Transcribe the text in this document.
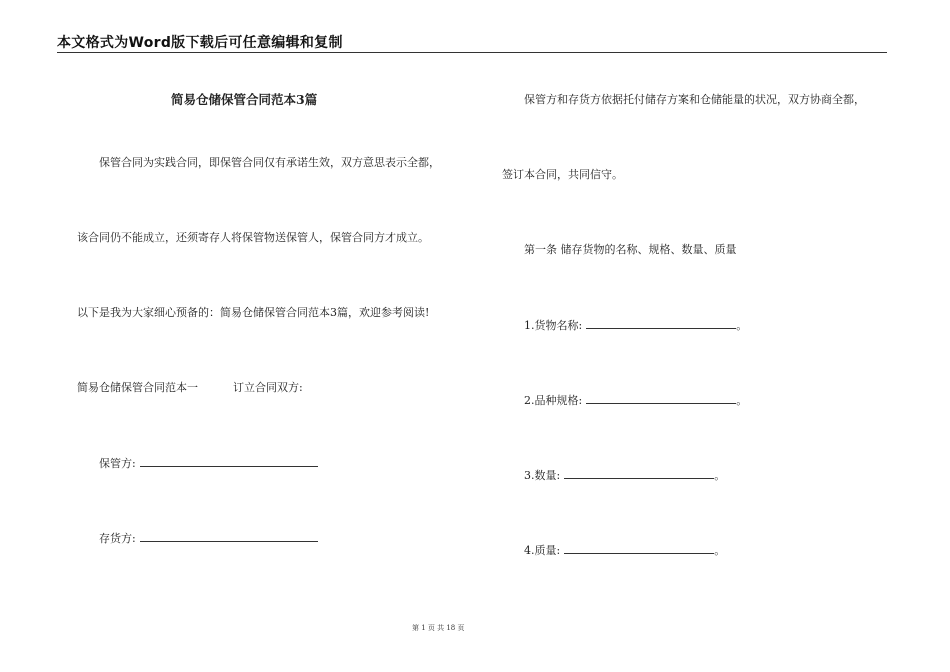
本文格式为Word版下载后可任意编辑和复制
简易仓储保管合同范本3篇
保管合同为实践合同，即保管合同仅有承诺生效，双方意思表示全都，
该合同仍不能成立，还须寄存人将保管物送保管人，保管合同方才成立。
以下是我为大家细心预备的：简易仓储保管合同范本3篇，欢迎参考阅读!
简易仓储保管合同范本一	订立合同双方:
保管方:
存货方:
保管方和存货方依据托付储存方案和仓储能量的状况，双方协商全都，
签订本合同，共同信守。
第一条 储存货物的名称、规格、数量、质量
1.货物名称:	。
2.品种规格:	。
3.数量:	。
4.质量:	。
第 1 页 共 18 页
